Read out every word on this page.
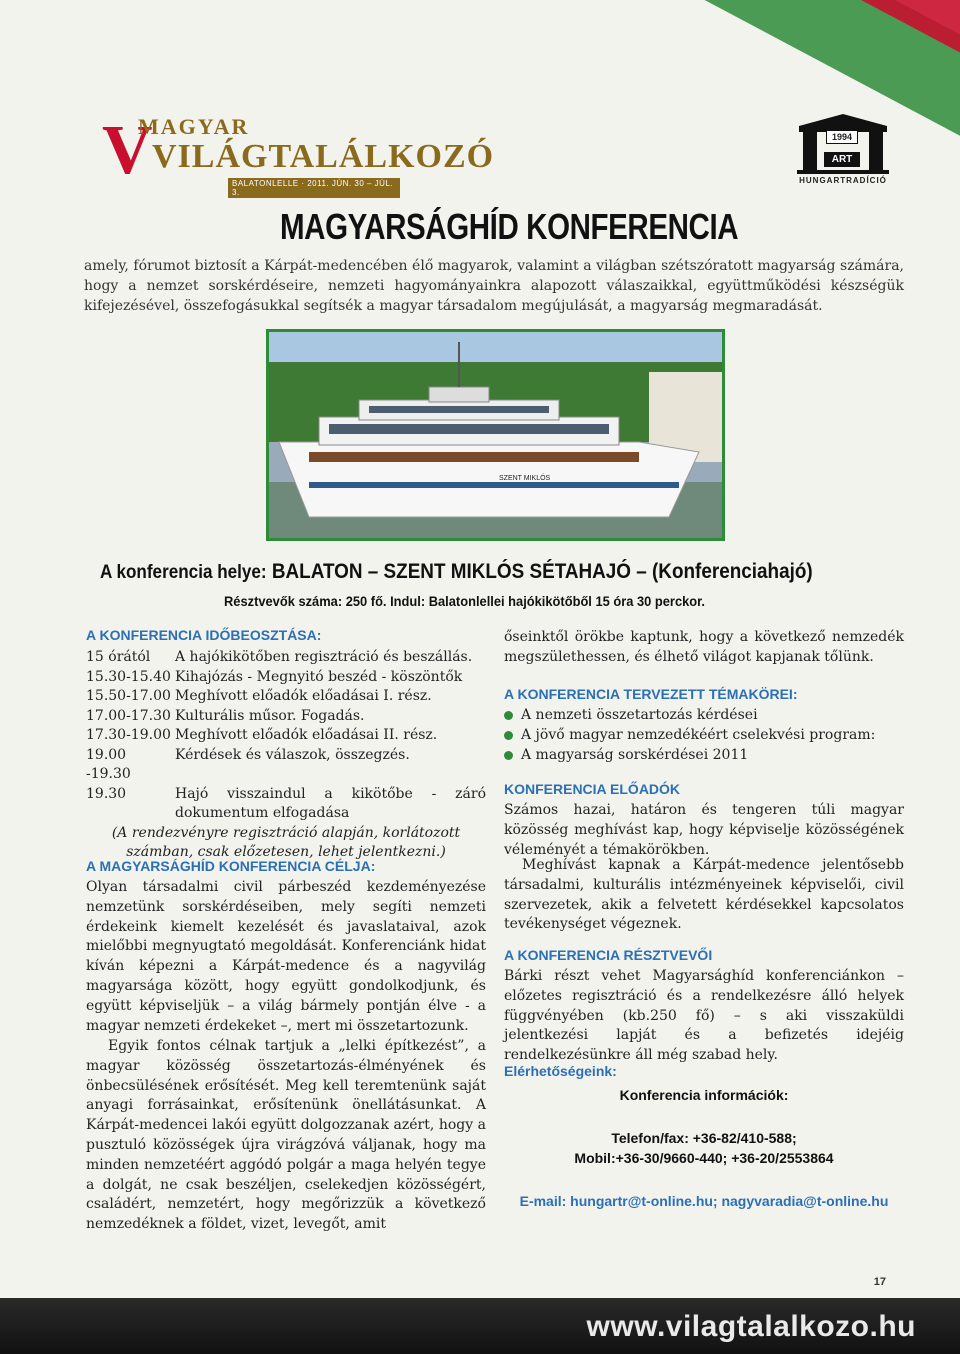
V
MAGYAR
VILÁGTALÁLKOZÓ
BALATONLELLE · 2011. JÚN. 30 – JÚL. 3.
1994
ART
HUNGARTRADÍCIÓ
MAGYARSÁGHÍD KONFERENCIA
amely, fórumot biztosít a Kárpát-medencében élő magyarok, valamint a világban szétszóratott magyarság számára, hogy a nemzet sorskérdéseire, nemzeti hagyományainkra alapozott válaszaikkal, együttműködési készségük kifejezésével, összefogásukkal segítsék a magyar társadalom megújulását, a magyarság megmaradását.
SZENT MIKLÓS
A konferencia helye: BALATON – SZENT MIKLÓS SÉTAHAJÓ – (Konferenciahajó)
Résztvevők száma: 250 fő. Indul: Balatonlellei hajókikötőből 15 óra 30 perckor.
A KONFERENCIA IDŐBEOSZTÁSA:
15 órától	A hajókikötőben regisztráció és beszállás.
15.30-15.40 Kihajózás - Megnyitó beszéd - köszöntők
15.50-17.00 Meghívott előadók előadásai I. rész.
17.00-17.30 Kulturális műsor. Fogadás.
17.30-19.00 Meghívott előadók előadásai II. rész.
19.00 -19.30
Kérdések és válaszok, összegzés.
19.30	Hajó visszaindul a kikötőbe - záró dokumentum elfogadása
(A rendezvényre regisztráció alapján, korlátozott számban, csak előzetesen, lehet jelentkezni.)
A MAGYARSÁGHÍD KONFERENCIA CÉLJA:
Olyan társadalmi civil párbeszéd kezdeményezése nemzetünk sorskérdéseiben, mely segíti nemzeti érdekeink kiemelt kezelését és javaslataival, azok mielőbbi megnyugtató megoldását. Konferenciánk hidat kíván képezni a Kárpát-medence és a nagyvilág magyarsága között, hogy együtt gondolkodjunk, és együtt képviseljük – a világ bármely pontján élve - a magyar nemzeti érdekeket –, mert mi összetartozunk.
Egyik fontos célnak tartjuk a „lelki építkezést”, a magyar közösség összetartozás-élményének és önbecsülésének erősítését. Meg kell teremtenünk saját anyagi forrásainkat, erősítenünk önellátásunkat. A Kárpát-medencei lakói együtt dolgozzanak azért, hogy a pusztuló közösségek újra virágzóvá váljanak, hogy ma minden nemzetéért aggódó polgár a maga helyén tegye a dolgát, ne csak beszéljen, cselekedjen közösségért, családért, nemzetért, hogy megőrizzük a következő nemzedéknek a földet, vizet, levegőt, amit
őseinktől örökbe kaptunk, hogy a következő nemzedék megszülethessen, és élhető világot kapjanak tőlünk.
A KONFERENCIA TERVEZETT TÉMAKÖREI:
A nemzeti összetartozás kérdései
A jövő magyar nemzedékéért cselekvési program:
A magyarság sorskérdései 2011
KONFERENCIA ELŐADÓK
Számos hazai, határon és tengeren túli magyar közösség meghívást kap, hogy képviselje közösségének véleményét a témakörökben.
Meghívást kapnak a Kárpát-medence jelentősebb társadalmi, kulturális intézményeinek képviselői, civil szervezetek, akik a felvetett kérdésekkel kapcsolatos tevékenységet végeznek.
A KONFERENCIA RÉSZTVEVŐI
Bárki részt vehet Magyarsághíd konferenciánkon – előzetes regisztráció és a rendelkezésre álló helyek függvényében (kb.250 fő) – s aki visszaküldi jelentkezési lapját és a befizetés idejéig rendelkezésünkre áll még szabad hely.
Elérhetőségeink:
Konferencia információk:
Telefon/fax: +36-82/410-588;
Mobil:+36-30/9660-440; +36-20/2553864
E-mail: hungartr@t-online.hu; nagyvaradia@t-online.hu
17
www.vilagtalalkozo.hu
